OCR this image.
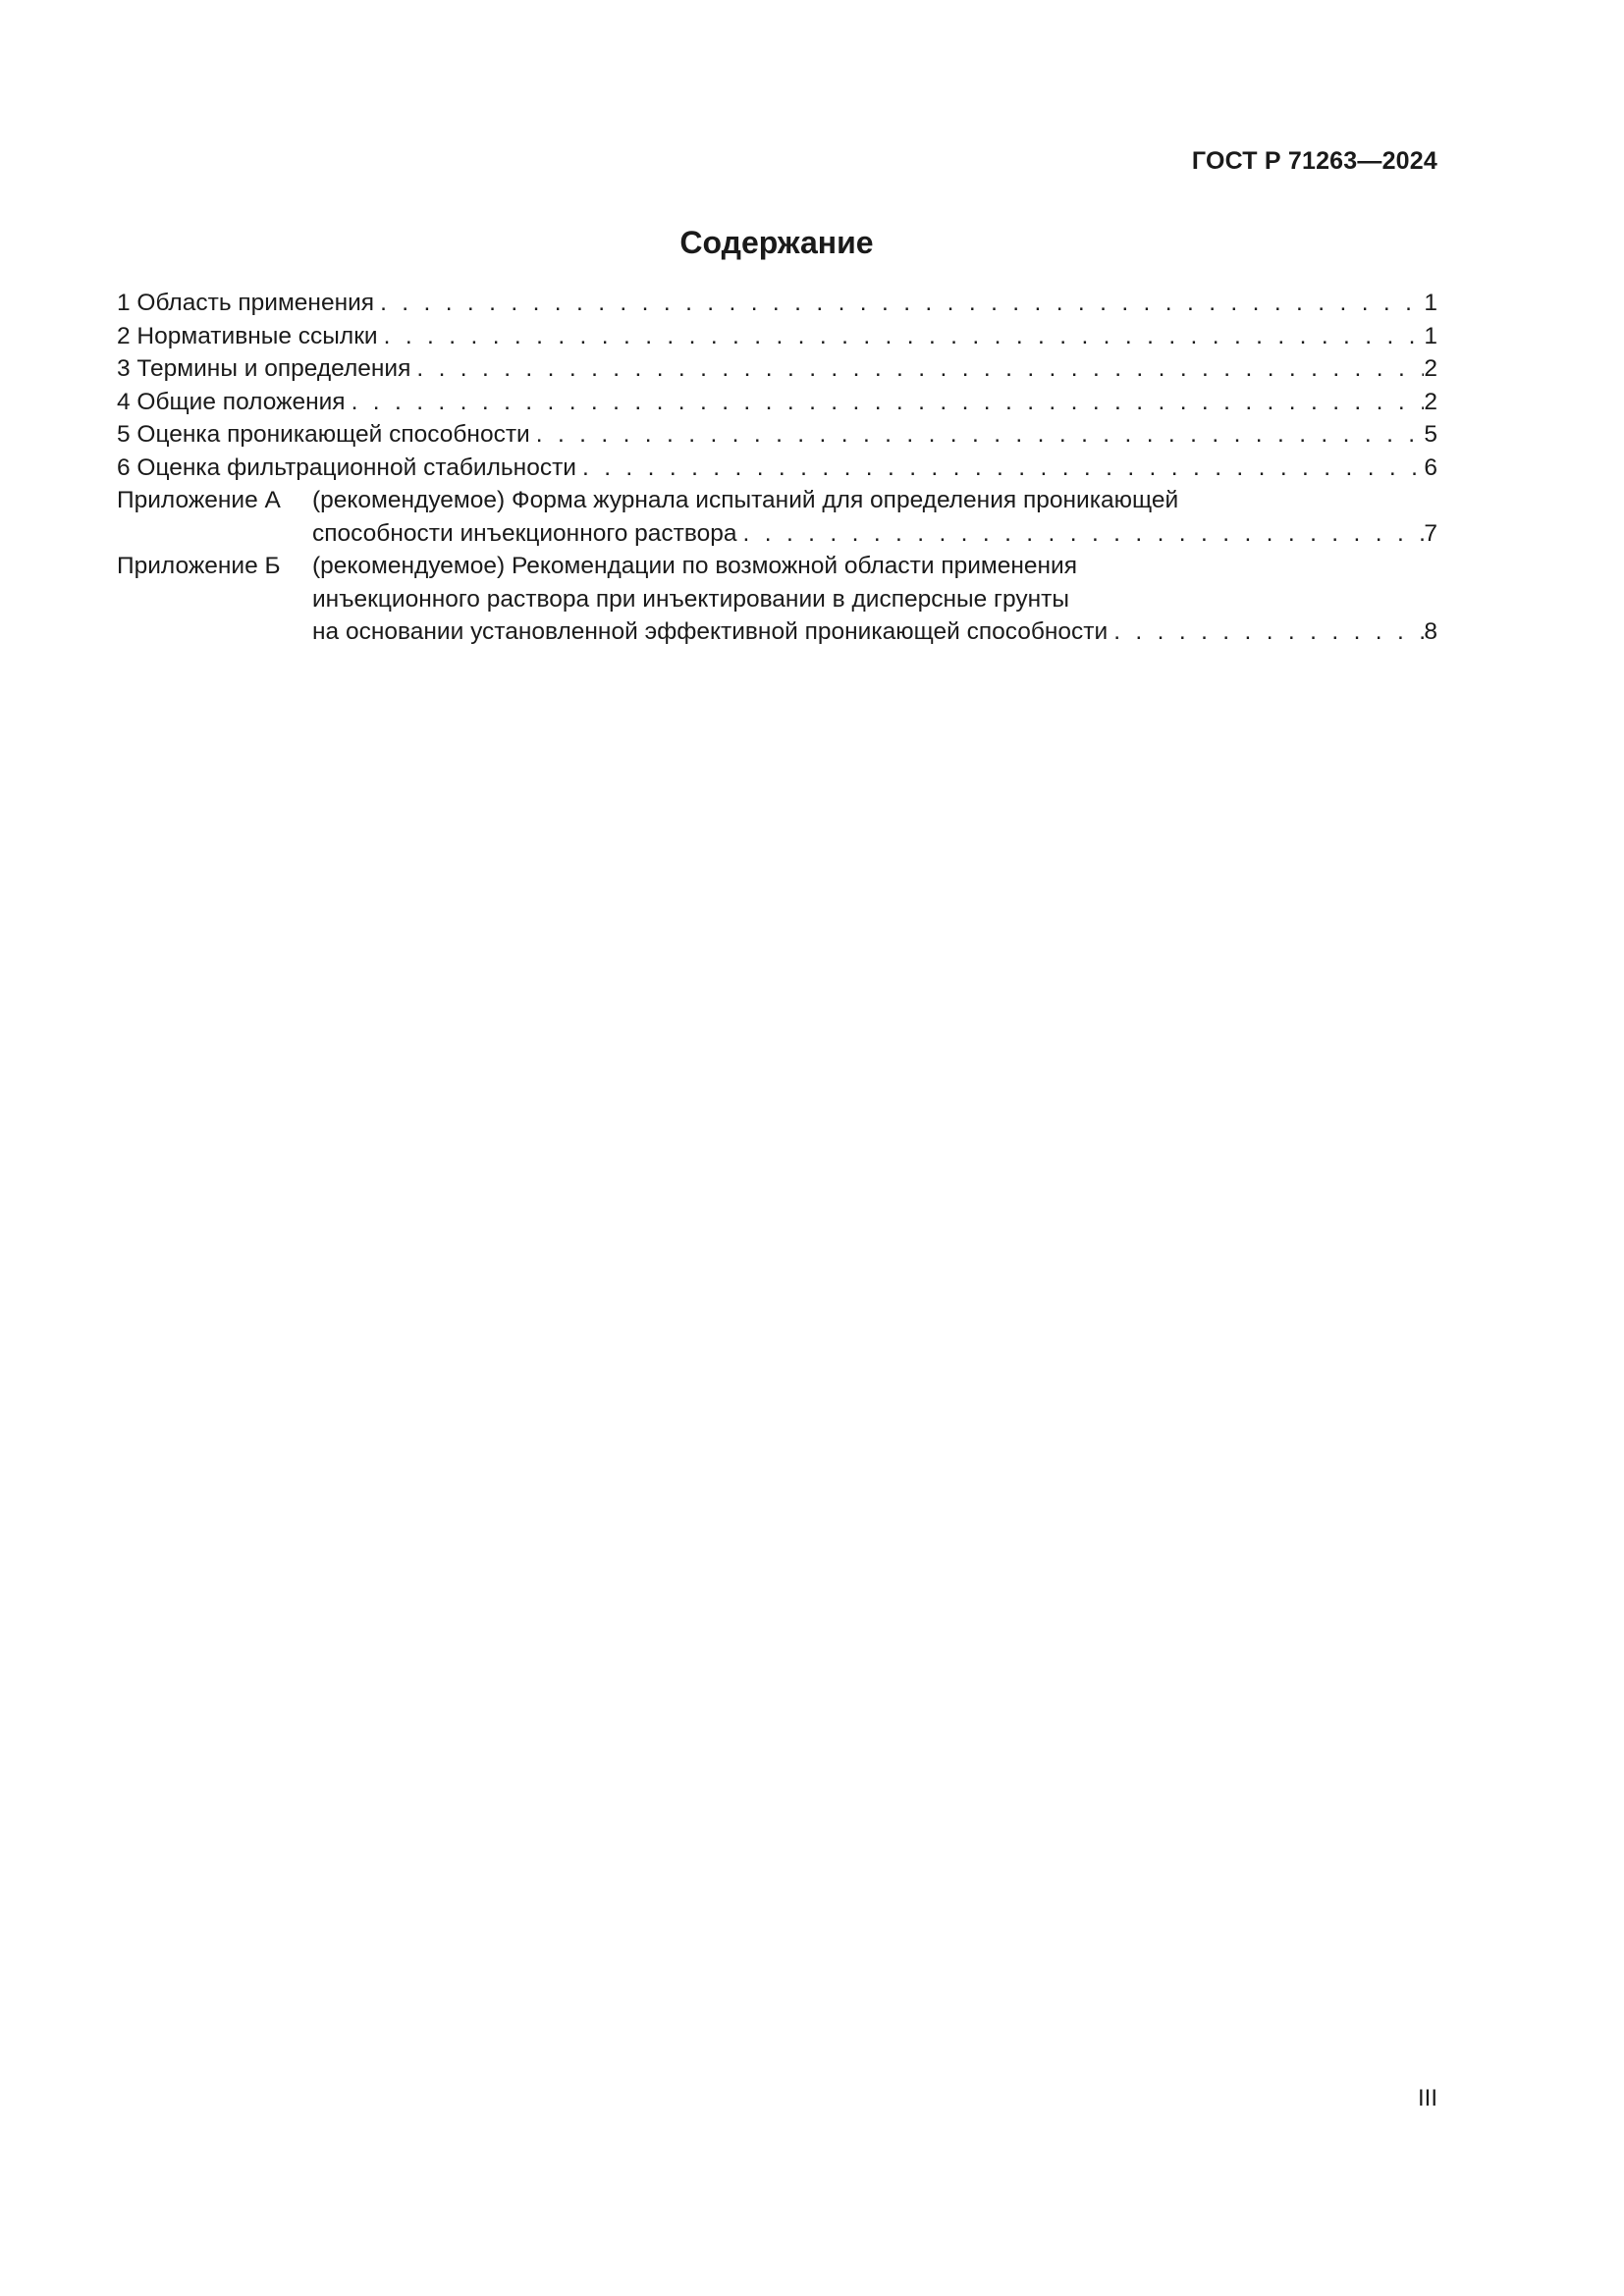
ГОСТ Р 71263—2024
Содержание
1 Область применения . . .	1
2 Нормативные ссылки . . .	1
3 Термины и определения . . .	2
4 Общие положения . . .	2
5 Оценка проникающей способности . . .	5
6 Оценка фильтрационной стабильности . . .	6
Приложение А	(рекомендуемое) Форма журнала испытаний для определения проникающей
способности инъекционного раствора . . .	7
Приложение Б	(рекомендуемое) Рекомендации по возможной области применения
инъекционного раствора при инъектировании в дисперсные грунты
на основании установленной эффективной проникающей способности . . .	8
III
